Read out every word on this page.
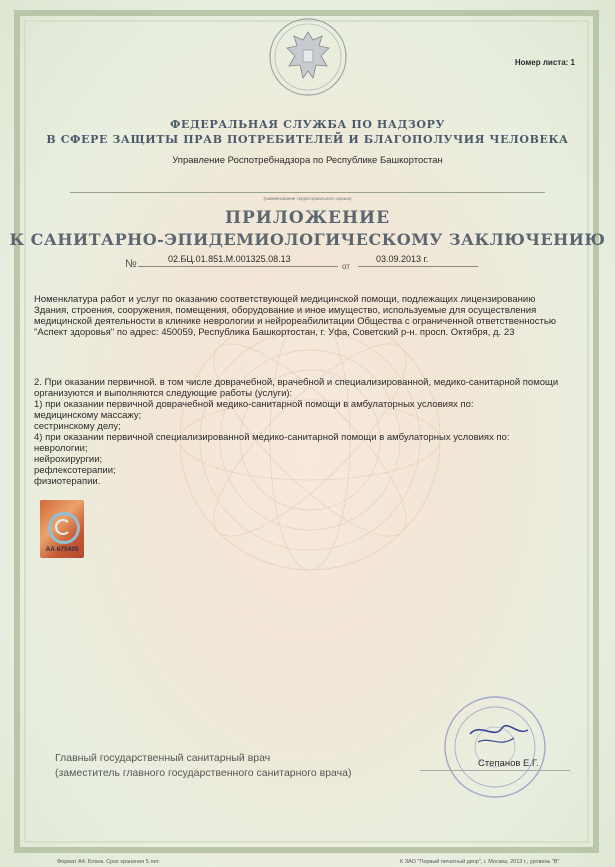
Номер листа: 1
ФЕДЕРАЛЬНАЯ СЛУЖБА ПО НАДЗОРУ
В СФЕРЕ ЗАЩИТЫ ПРАВ ПОТРЕБИТЕЛЕЙ И БЛАГОПОЛУЧИЯ ЧЕЛОВЕКА
Управление Роспотребнадзора по Республике Башкортостан
(наименование территориального органа)
ПРИЛОЖЕНИЕ
К САНИТАРНО-ЭПИДЕМИОЛОГИЧЕСКОМУ ЗАКЛЮЧЕНИЮ
№	02.БЦ.01.851.М.001325.08.13
от
03.09.2013 г.

Номенклатура работ и услуг по оказанию соответствующей медицинской помощи, подлежащих лицензированию

Здания, строения, сооружения, помещения, оборудование и иное имущество, используемые для осуществления медицинской деятельности в клинике неврологии и нейрореабилитации Общества с ограниченной ответственностью "Аспект здоровья" по адрес: 450059, Республика Башкортостан, г. Уфа, Советский р-н. просп. Октября, д. 23

2. При оказании первичной. в том числе доврачебной, врачебной и специализированной, медико-санитарной помощи организуются и выполняются следующие работы (услуги):

1) при оказании первичной доврачебной медико-санитарной помощи в амбулаторных условиях по:

медицинскому массажу;

сестринскому делу;

4) при оказании первичной специализированной медико-санитарной помощи в амбулаторных условиях по:

неврологии;

нейрохирургии;

рефлексотерапии;

физиотерапии.

АА 675435
Главный государственный санитарный врач
(заместитель главного государственного санитарного врача)
Степанов Е.Г.
Формат А4. Бланк. Срок хранения 5 лет.	К ЗАО "Первый печатный двор", г. Москва, 2013 г., уровень "В"
